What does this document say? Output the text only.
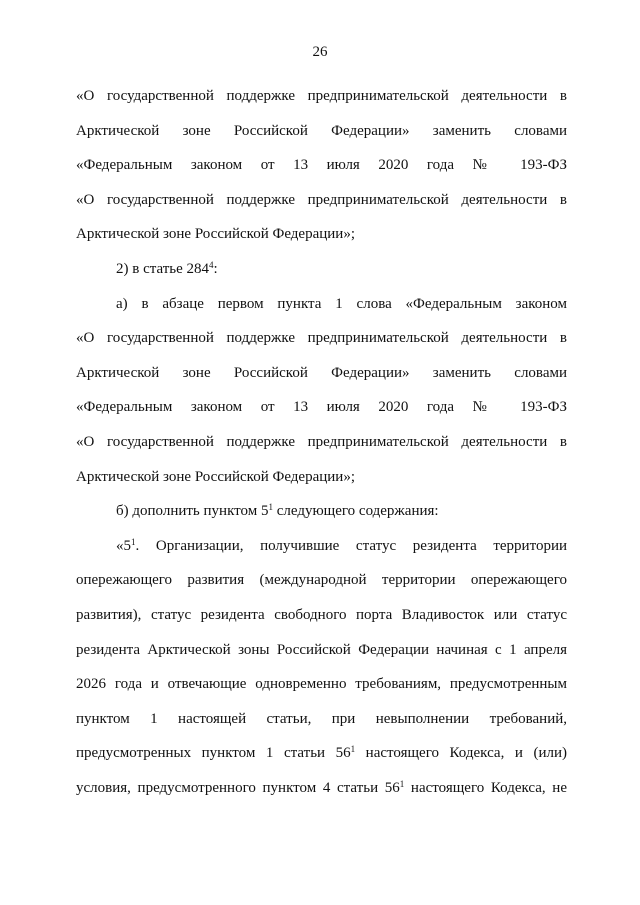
26
«О государственной поддержке предпринимательской деятельности в
Арктической зоне Российской Федерации» заменить словами
«Федеральным законом от 13 июля 2020 года № 193-ФЗ
«О государственной поддержке предпринимательской деятельности в
Арктической зоне Российской Федерации»;
2) в статье $284^4$:
а) в абзаце первом пункта 1 слова «Федеральным законом
«О государственной поддержке предпринимательской деятельности в
Арктической зоне Российской Федерации» заменить словами
«Федеральным законом от 13 июля 2020 года № 193-ФЗ
«О государственной поддержке предпринимательской деятельности в
Арктической зоне Российской Федерации»;
б) дополнить пунктом $5^1$ следующего содержания:
«$5^1$. Организации, получившие статус резидента территории
опережающего развития (международной территории опережающего
развития), статус резидента свободного порта Владивосток или статус
резидента Арктической зоны Российской Федерации начиная с 1 апреля
2026 года и отвечающие одновременно требованиям, предусмотренным
пунктом 1 настоящей статьи, при невыполнении требований,
предусмотренных пунктом 1 статьи $56^1$ настоящего Кодекса, и (или)
условия, предусмотренного пунктом 4 статьи $56^1$ настоящего Кодекса, не
